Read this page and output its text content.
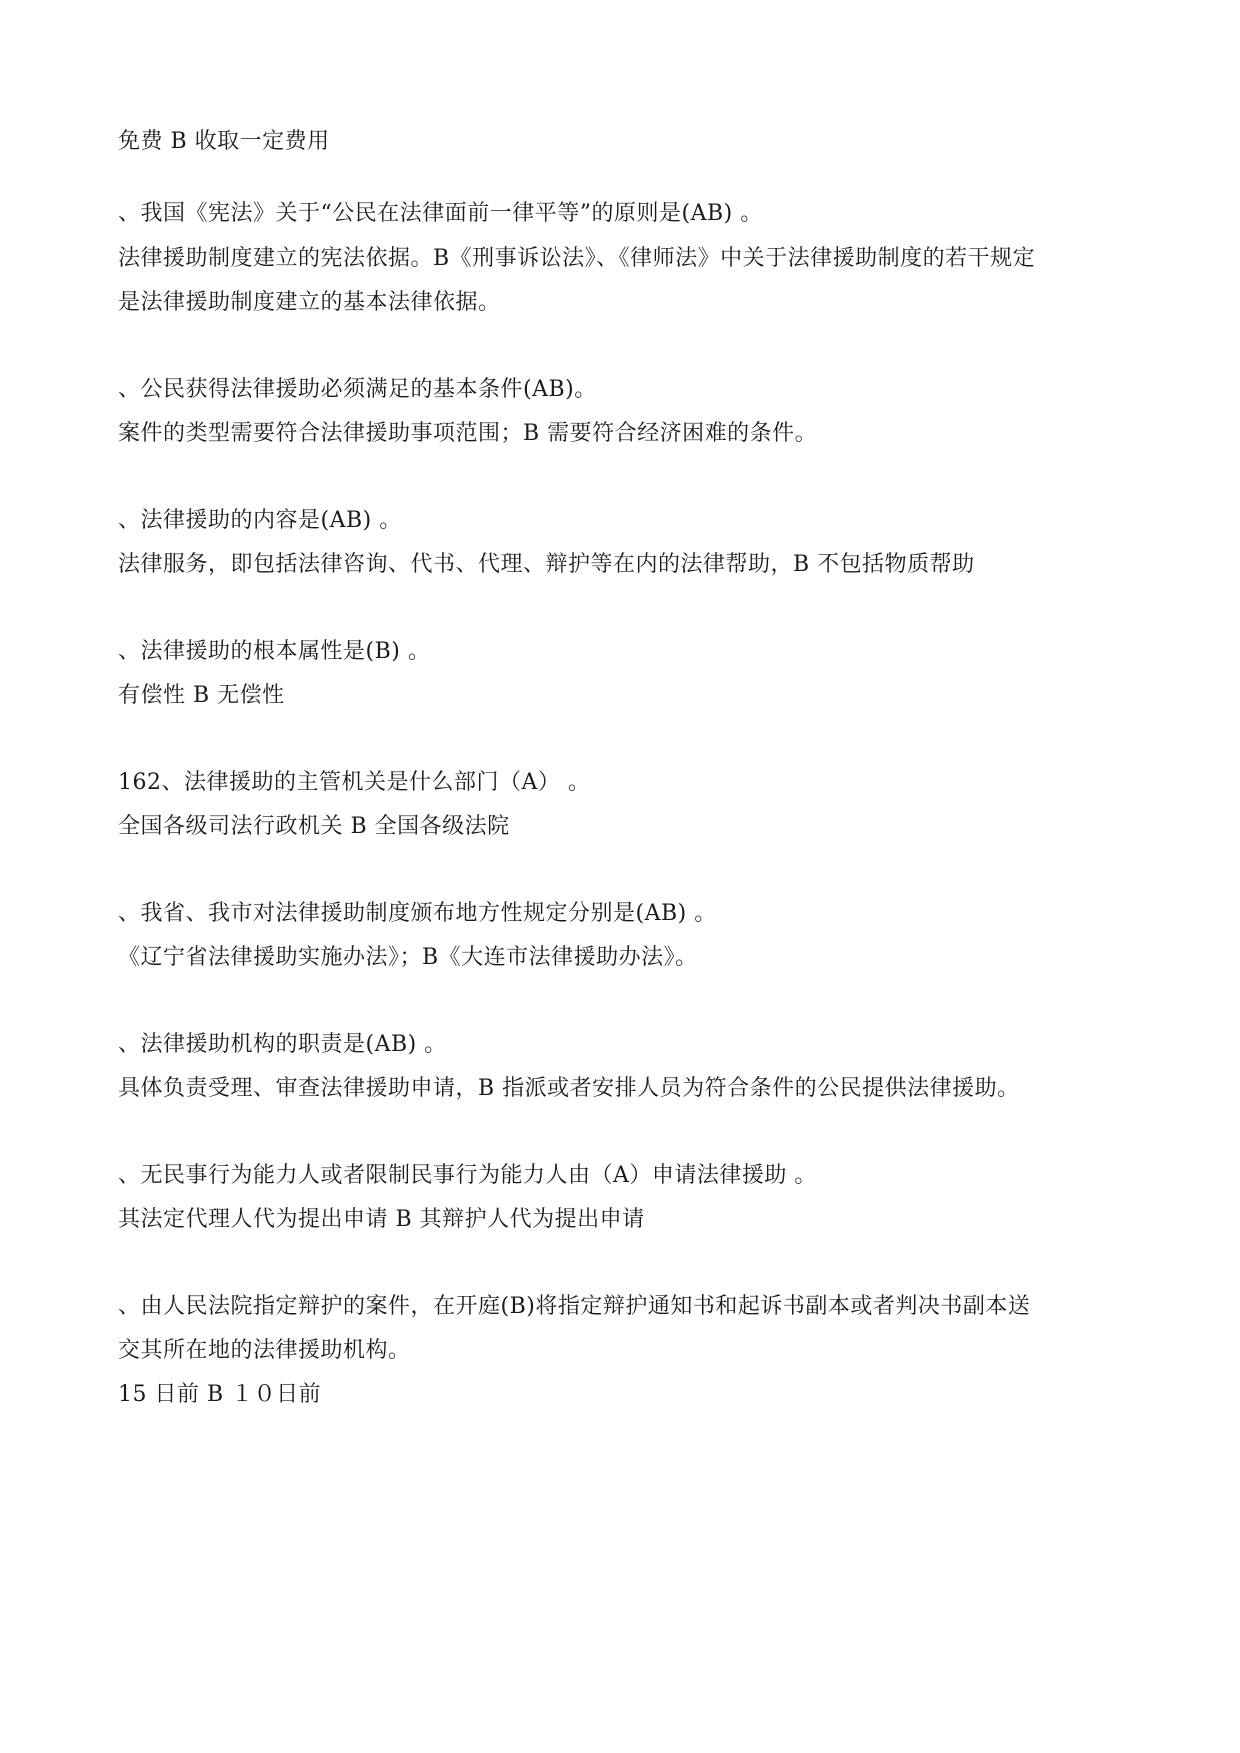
免费 B 收取一定费用
、我国《宪法》关于“公民在法律面前一律平等”的原则是(AB) 。
法律援助制度建立的宪法依据。B《刑事诉讼法》、《律师法》中关于法律援助制度的若干规定
是法律援助制度建立的基本法律依据。
、公民获得法律援助必须满足的基本条件(AB)。
案件的类型需要符合法律援助事项范围；B 需要符合经济困难的条件。
、法律援助的内容是(AB) 。
法律服务，即包括法律咨询、代书、代理、辩护等在内的法律帮助，B 不包括物质帮助
、法律援助的根本属性是(B) 。
有偿性 B 无偿性
162、法律援助的主管机关是什么部门（A） 。
全国各级司法行政机关 B 全国各级法院
、我省、我市对法律援助制度颁布地方性规定分别是(AB) 。
《辽宁省法律援助实施办法》；B《大连市法律援助办法》。
、法律援助机构的职责是(AB) 。
具体负责受理、审查法律援助申请，B 指派或者安排人员为符合条件的公民提供法律援助。
、无民事行为能力人或者限制民事行为能力人由（A）申请法律援助 。
其法定代理人代为提出申请 B 其辩护人代为提出申请
、由人民法院指定辩护的案件，在开庭(B)将指定辩护通知书和起诉书副本或者判决书副本送
交其所在地的法律援助机构。
15 日前 B １０日前
